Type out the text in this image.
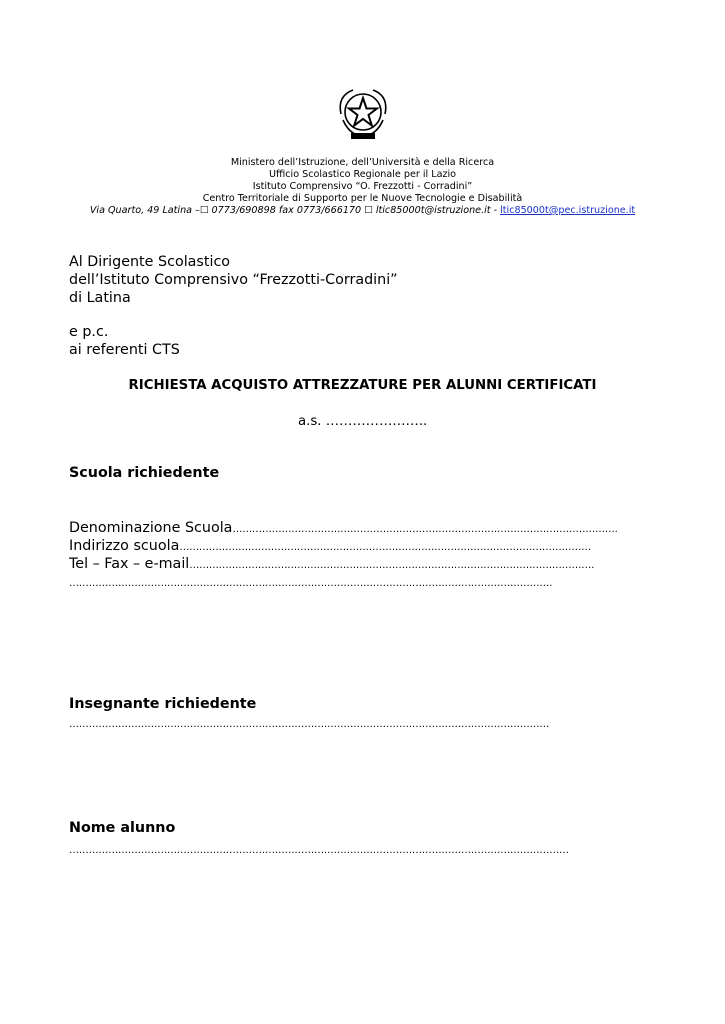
Ministero dell’Istruzione, dell’Università e della Ricerca
Ufficio Scolastico Regionale per il Lazio
Istituto Comprensivo “O. Frezzotti - Corradini”
Centro Territoriale di Supporto per le Nuove Tecnologie e Disabilità
Via Quarto, 49 Latina –☐ 0773/690898 fax 0773/666170 ☐ ltic85000t@istruzione.it - ltic85000t@pec.istruzione.it
Al Dirigente Scolastico
dell’Istituto Comprensivo “Frezzotti-Corradini”
di Latina
e p.c.
ai referenti CTS
RICHIESTA ACQUISTO ATTREZZATURE PER ALUNNI CERTIFICATI
a.s. …………………..
Scuola richiedente
Denominazione Scuola……………………………………………………………………………………………………….
Indirizzo scuola………………………………………………………………………………………………………………
Tel – Fax – e-mail…………………………………………………………………………………………………………….
………………………………………………………………………………………………………………………………….
Insegnante richiedente
…………………………………………………………………………………………………………………………………
Nome alunno
………………………………………………………………………………………………………………………………………
